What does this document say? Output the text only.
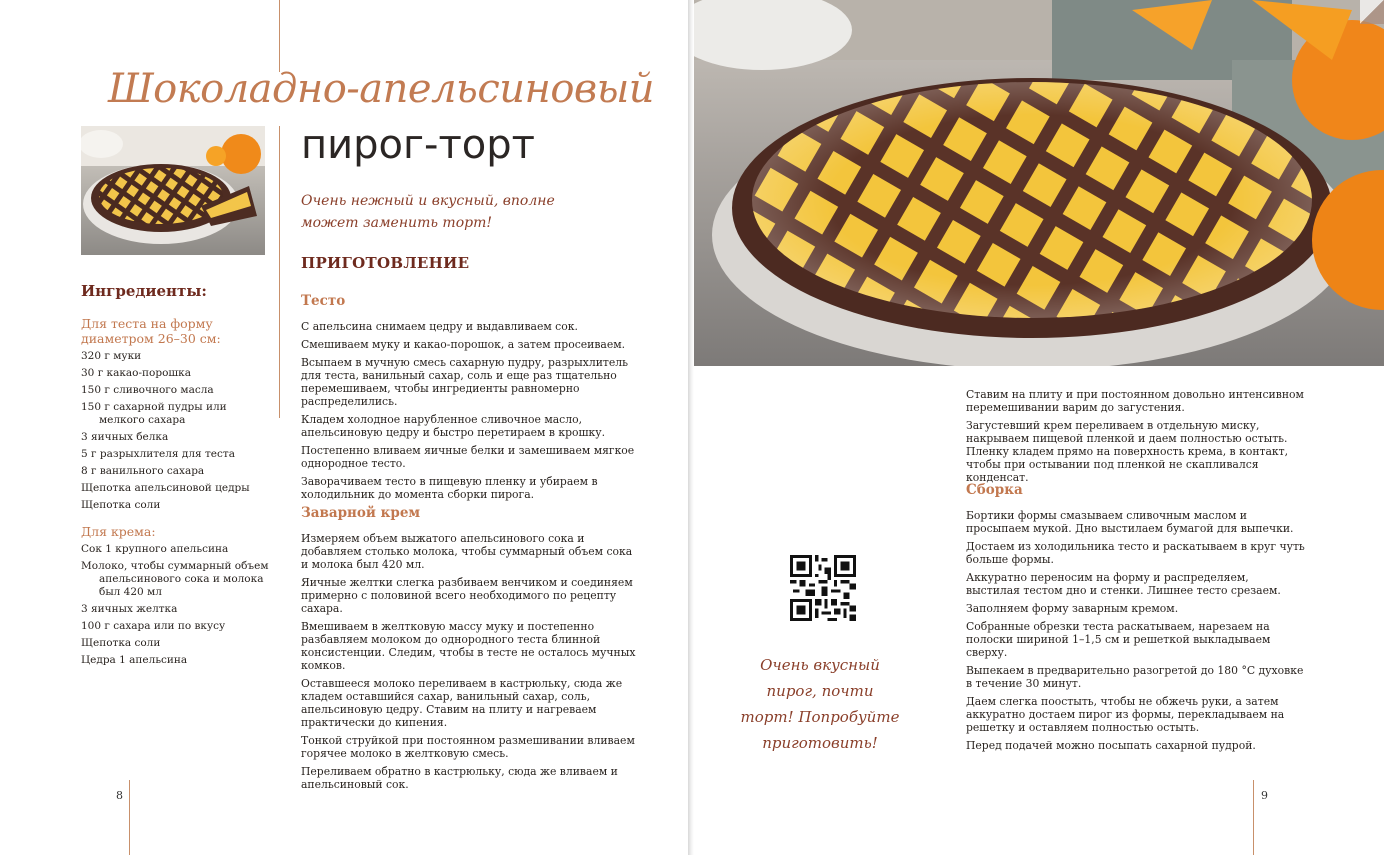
Шоколадно-апельсиновый
пирог-торт
Очень нежный и вкусный, вполне может заменить торт!
Ингредиенты:
Для теста на форму диаметром 26–30 см:
320 г муки
30 г какао-порошка
150 г сливочного масла
150 г сахарной пудры или мелкого сахара
3 яичных белка
5 г разрыхлителя для теста
8 г ванильного сахара
Щепотка апельсиновой цедры
Щепотка соли
Для крема:
Сок 1 крупного апельсина
Молоко, чтобы суммарный объем апельсинового сока и молока был 420 мл
3 яичных желтка
100 г сахара или по вкусу
Щепотка соли
Цедра 1 апельсина
ПРИГОТОВЛЕНИЕ
Тесто

С апельсина снимаем цедру и выдавливаем сок.

Смешиваем муку и какао-порошок, а затем просеиваем.

Всыпаем в мучную смесь сахарную пудру, разрыхлитель для теста, ванильный сахар, соль и еще раз тщательно перемешиваем, чтобы ингредиенты равномерно распределились.

Кладем холодное нарубленное сливочное масло, апельсиновую цедру и быстро перетираем в крошку.

Постепенно вливаем яичные белки и замешиваем мягкое однородное тесто.

Заворачиваем тесто в пищевую пленку и убираем в холодильник до момента сборки пирога.

Заварной крем

Измеряем объем выжатого апельсинового сока и добавляем столько молока, чтобы суммарный объем сока и молока был 420 мл.

Яичные желтки слегка разбиваем венчиком и соединяем примерно с половиной всего необходимого по рецепту сахара.

Вмешиваем в желтковую массу муку и постепенно разбавляем молоком до однородного теста блинной консистенции. Следим, чтобы в тесте не осталось мучных комков.

Оставшееся молоко переливаем в кастрюльку, сюда же кладем оставшийся сахар, ванильный сахар, соль, апельсиновую цедру. Ставим на плиту и нагреваем практически до кипения.

Тонкой струйкой при постоянном размешивании вливаем горячее молоко в желтковую смесь.

Переливаем обратно в кастрюльку, сюда же вливаем и апельсиновый сок.

8

Ставим на плиту и при постоянном довольно интенсивном перемешивании варим до загустения.

Загустевший крем переливаем в отдельную миску, накрываем пищевой пленкой и даем полностью остыть. Пленку кладем прямо на поверхность крема, в контакт, чтобы при остывании под пленкой не скапливался конденсат.

Сборка

Бортики формы смазываем сливочным маслом и просыпаем мукой. Дно выстилаем бумагой для выпечки.

Достаем из холодильника тесто и раскатываем в круг чуть больше формы.

Аккуратно переносим на форму и распределяем, выстилая тестом дно и стенки. Лишнее тесто срезаем.

Заполняем форму заварным кремом.

Собранные обрезки теста раскатываем, нарезаем на полоски шириной 1–1,5 см и решеткой выкладываем сверху.

Выпекаем в предварительно разогретой до 180 °С духовке в течение 30 минут.

Даем слегка поостыть, чтобы не обжечь руки, а затем аккуратно достаем пирог из формы, перекладываем на решетку и оставляем полностью остыть.

Перед подачей можно посыпать сахарной пудрой.

Очень вкусный пирог, почти торт! Попробуйте приготовить!
9
